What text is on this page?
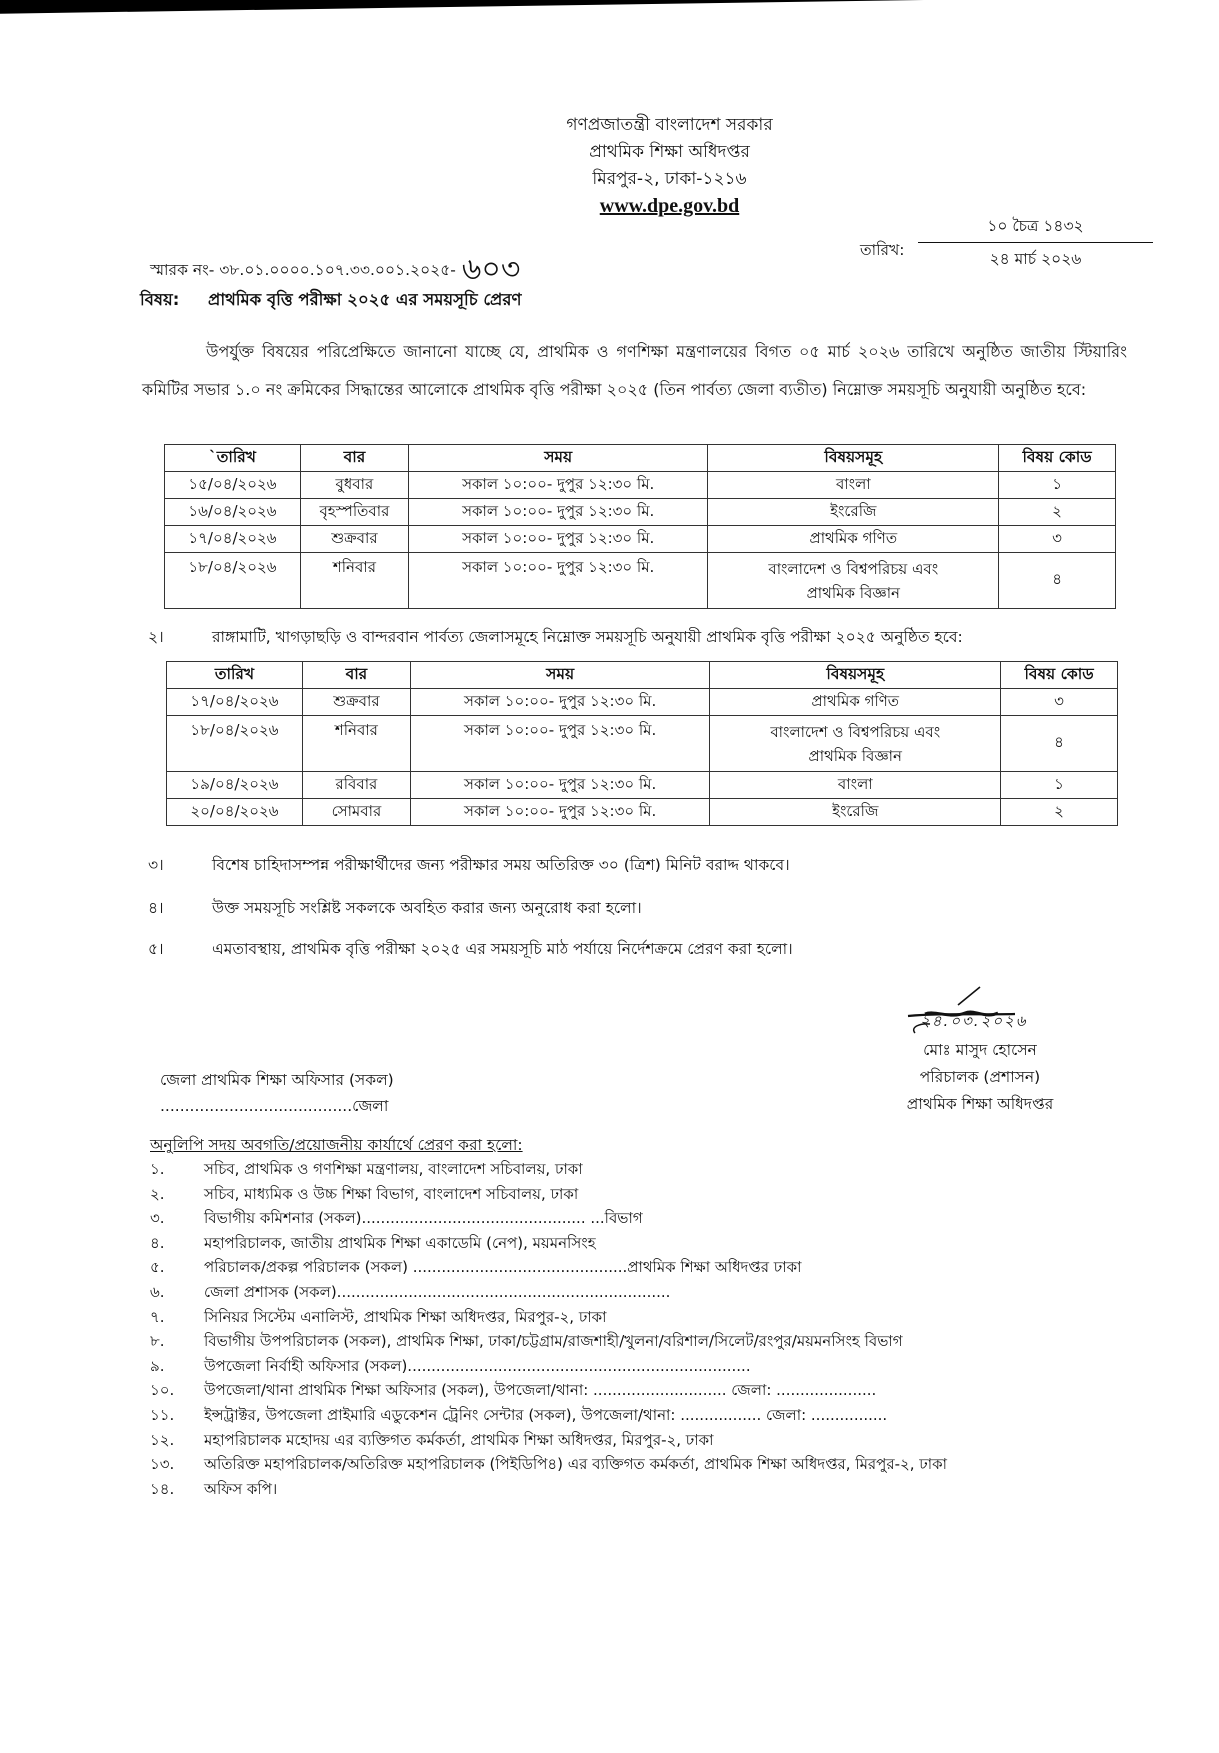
গণপ্রজাতন্ত্রী বাংলাদেশ সরকার
প্রাথমিক শিক্ষা অধিদপ্তর
মিরপুর-২, ঢাকা-১২১৬
www.dpe.gov.bd
স্মারক নং- ৩৮.০১.০০০০.১০৭.৩৩.০০১.২০২৫- ৬০৩
তারিখ:
১০ চৈত্র ১৪৩২
২৪ মার্চ ২০২৬
বিষয়: প্রাথমিক বৃত্তি পরীক্ষা ২০২৫ এর সময়সূচি প্রেরণ
উপর্যুক্ত বিষয়ের পরিপ্রেক্ষিতে জানানো যাচ্ছে যে, প্রাথমিক ও গণশিক্ষা মন্ত্রণালয়ের বিগত ০৫ মার্চ ২০২৬ তারিখে অনুষ্ঠিত জাতীয় স্টিয়ারিং কমিটির সভার ১.০ নং ক্রমিকের সিদ্ধান্তের আলোকে প্রাথমিক বৃত্তি পরীক্ষা ২০২৫ (তিন পার্বত্য জেলা ব্যতীত) নিম্নোক্ত সময়সূচি অনুযায়ী অনুষ্ঠিত হবে:
`তারিখ	বার	সময়	বিষয়সমূহ	বিষয় কোড
১৫/০৪/২০২৬	বুধবার	সকাল ১০:০০- দুপুর ১২:৩০ মি.	বাংলা	১
১৬/০৪/২০২৬	বৃহস্পতিবার	সকাল ১০:০০- দুপুর ১২:৩০ মি.	ইংরেজি	২
১৭/০৪/২০২৬	শুক্রবার	সকাল ১০:০০- দুপুর ১২:৩০ মি.	প্রাথমিক গণিত	৩
১৮/০৪/২০২৬	শনিবার	সকাল ১০:০০- দুপুর ১২:৩০ মি.	বাংলাদেশ ও বিশ্বপরিচয় এবং
প্রাথমিক বিজ্ঞান	৪
২।	রাঙ্গামাটি, খাগড়াছড়ি ও বান্দরবান পার্বত্য জেলাসমূহে নিম্নোক্ত সময়সূচি অনুযায়ী প্রাথমিক বৃত্তি পরীক্ষা ২০২৫ অনুষ্ঠিত হবে:
তারিখ	বার	সময়	বিষয়সমূহ	বিষয় কোড
১৭/০৪/২০২৬	শুক্রবার	সকাল ১০:০০- দুপুর ১২:৩০ মি.	প্রাথমিক গণিত	৩
১৮/০৪/২০২৬	শনিবার	সকাল ১০:০০- দুপুর ১২:৩০ মি.	বাংলাদেশ ও বিশ্বপরিচয় এবং
প্রাথমিক বিজ্ঞান	৪
১৯/০৪/২০২৬	রবিবার	সকাল ১০:০০- দুপুর ১২:৩০ মি.	বাংলা	১
২০/০৪/২০২৬	সোমবার	সকাল ১০:০০- দুপুর ১২:৩০ মি.	ইংরেজি	২
৩।	বিশেষ চাহিদাসম্পন্ন পরীক্ষার্থীদের জন্য পরীক্ষার সময় অতিরিক্ত ৩০ (ত্রিশ) মিনিট বরাদ্দ থাকবে।
৪।	উক্ত সময়সূচি সংশ্লিষ্ট সকলকে অবহিত করার জন্য অনুরোধ করা হলো।
৫।	এমতাবস্থায়, প্রাথমিক বৃত্তি পরীক্ষা ২০২৫ এর সময়সূচি মাঠ পর্যায়ে নির্দেশক্রমে প্রেরণ করা হলো।
২৪.০৩.২০২৬
মোঃ মাসুদ হোসেন
পরিচালক (প্রশাসন)
প্রাথমিক শিক্ষা অধিদপ্তর
জেলা প্রাথমিক শিক্ষা অফিসার (সকল)
.......................................জেলা
অনুলিপি সদয় অবগতি/প্রয়োজনীয় কার্যার্থে প্রেরণ করা হলো:
১.	সচিব, প্রাথমিক ও গণশিক্ষা মন্ত্রণালয়, বাংলাদেশ সচিবালয়, ঢাকা
২.	সচিব, মাধ্যমিক ও উচ্চ শিক্ষা বিভাগ, বাংলাদেশ সচিবালয়, ঢাকা
৩.	বিভাগীয় কমিশনার (সকল)............................................... ...বিভাগ
৪.	মহাপরিচালক, জাতীয় প্রাথমিক শিক্ষা একাডেমি (নেপ), ময়মনসিংহ
৫.	পরিচালক/প্রকল্প পরিচালক (সকল) .............................................প্রাথমিক শিক্ষা অধিদপ্তর ঢাকা
৬.	জেলা প্রশাসক (সকল)......................................................................
৭.	সিনিয়র সিস্টেম এনালিস্ট, প্রাথমিক শিক্ষা অধিদপ্তর, মিরপুর-২, ঢাকা
৮.	বিভাগীয় উপপরিচালক (সকল), প্রাথমিক শিক্ষা, ঢাকা/চট্টগ্রাম/রাজশাহী/খুলনা/বরিশাল/সিলেট/রংপুর/ময়মনসিংহ বিভাগ
৯.	উপজেলা নির্বাহী অফিসার (সকল)........................................................................
১০. উপজেলা/থানা প্রাথমিক শিক্ষা অফিসার (সকল), উপজেলা/থানা: ............................ জেলা: .....................
১১. ইন্সট্রাক্টর, উপজেলা প্রাইমারি এডুকেশন ট্রেনিং সেন্টার (সকল), উপজেলা/থানা: ................. জেলা: ................
১২. মহাপরিচালক মহোদয় এর ব্যক্তিগত কর্মকর্তা, প্রাথমিক শিক্ষা অধিদপ্তর, মিরপুর-২, ঢাকা
১৩. অতিরিক্ত মহাপরিচালক/অতিরিক্ত মহাপরিচালক (পিইডিপি৪) এর ব্যক্তিগত কর্মকর্তা, প্রাথমিক শিক্ষা অধিদপ্তর, মিরপুর-২, ঢাকা
১৪. অফিস কপি।
